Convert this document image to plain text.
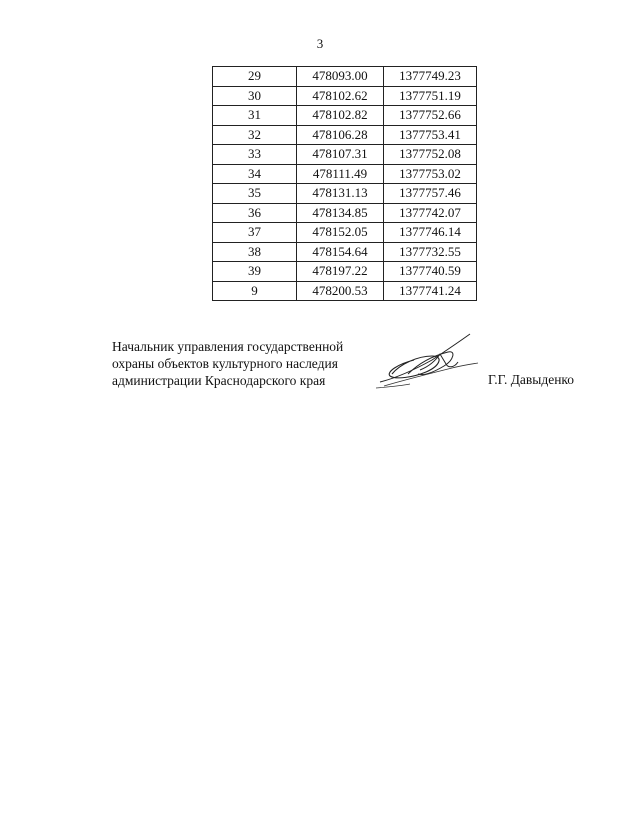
3
29	478093.00	1377749.23
30	478102.62	1377751.19
31	478102.82	1377752.66
32	478106.28	1377753.41
33	478107.31	1377752.08
34	478111.49	1377753.02
35	478131.13	1377757.46
36	478134.85	1377742.07
37	478152.05	1377746.14
38	478154.64	1377732.55
39	478197.22	1377740.59
9	478200.53	1377741.24
Начальник управления государственной
охраны объектов культурного наследия
администрации Краснодарского края	Г.Г. Давыденко
